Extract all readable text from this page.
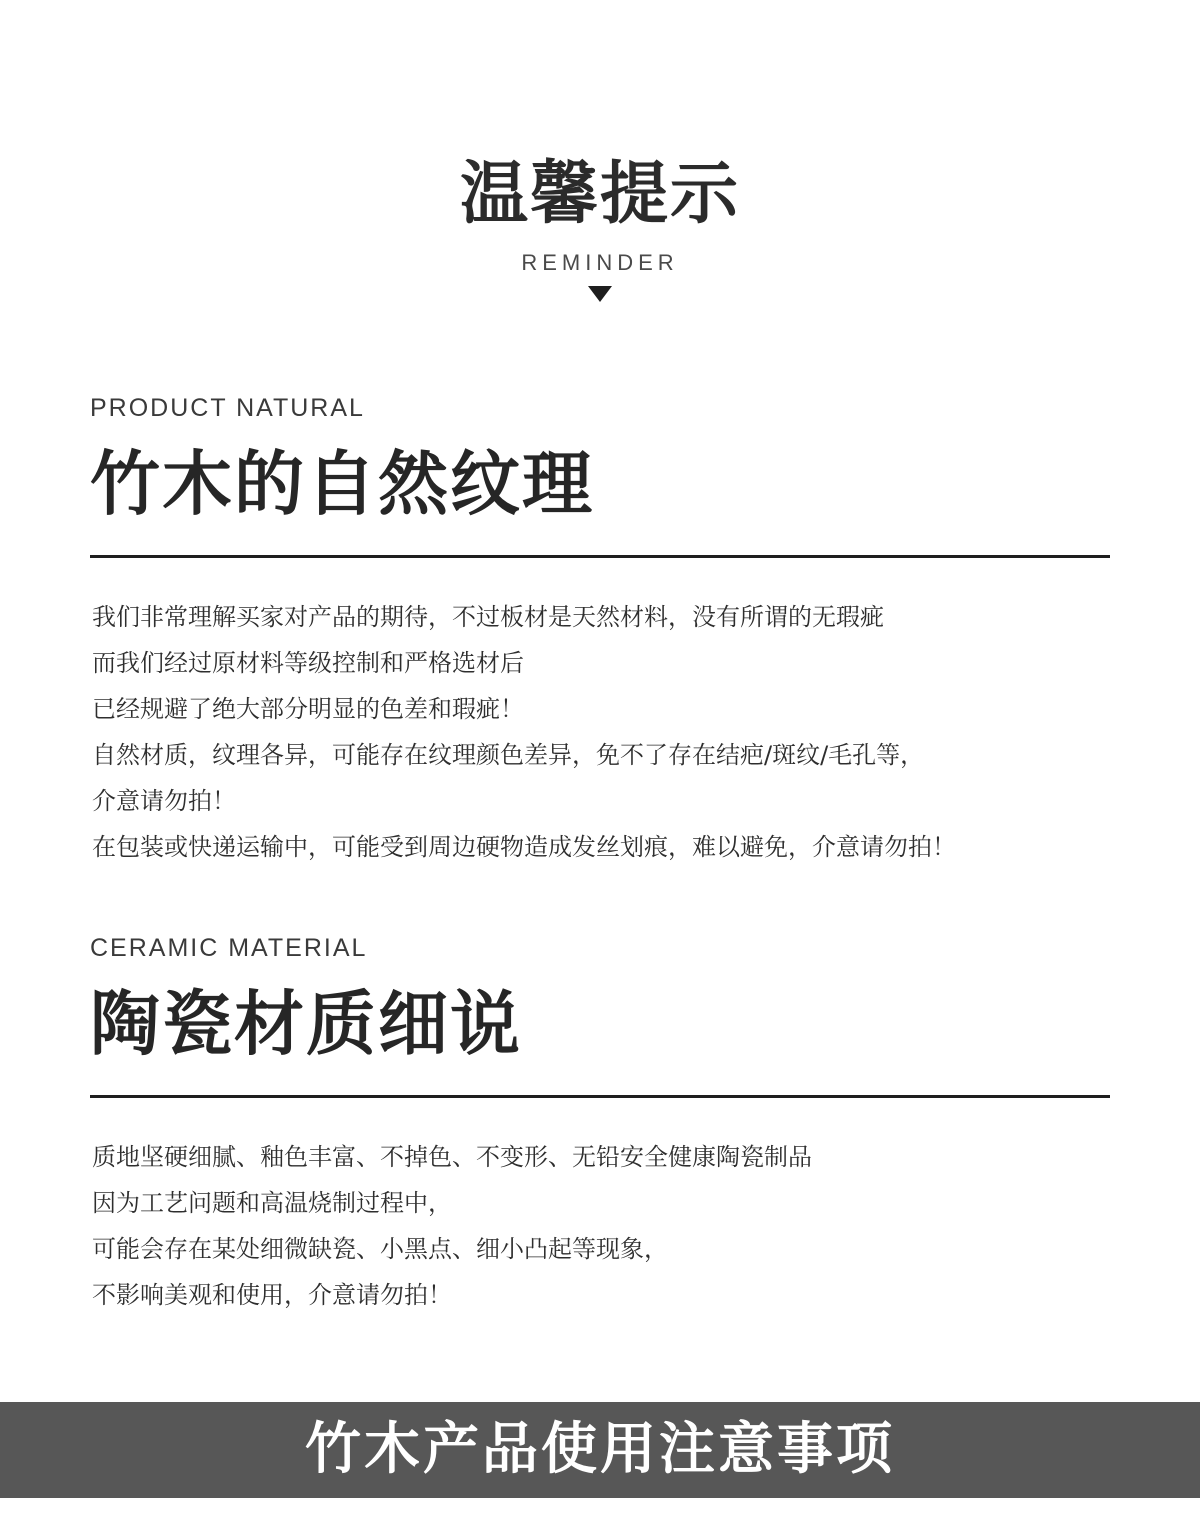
温馨提示
REMINDER
PRODUCT NATURAL
竹木的自然纹理
我们非常理解买家对产品的期待，不过板材是天然材料，没有所谓的无瑕疵
而我们经过原材料等级控制和严格选材后
已经规避了绝大部分明显的色差和瑕疵！
自然材质，纹理各异，可能存在纹理颜色差异，免不了存在结疤/斑纹/毛孔等，
介意请勿拍！
在包装或快递运输中，可能受到周边硬物造成发丝划痕，难以避免，介意请勿拍！
CERAMIC MATERIAL
陶瓷材质细说
质地坚硬细腻、釉色丰富、不掉色、不变形、无铅安全健康陶瓷制品
因为工艺问题和高温烧制过程中，
可能会存在某处细微缺瓷、小黑点、细小凸起等现象，
不影响美观和使用，介意请勿拍！
竹木产品使用注意事项
